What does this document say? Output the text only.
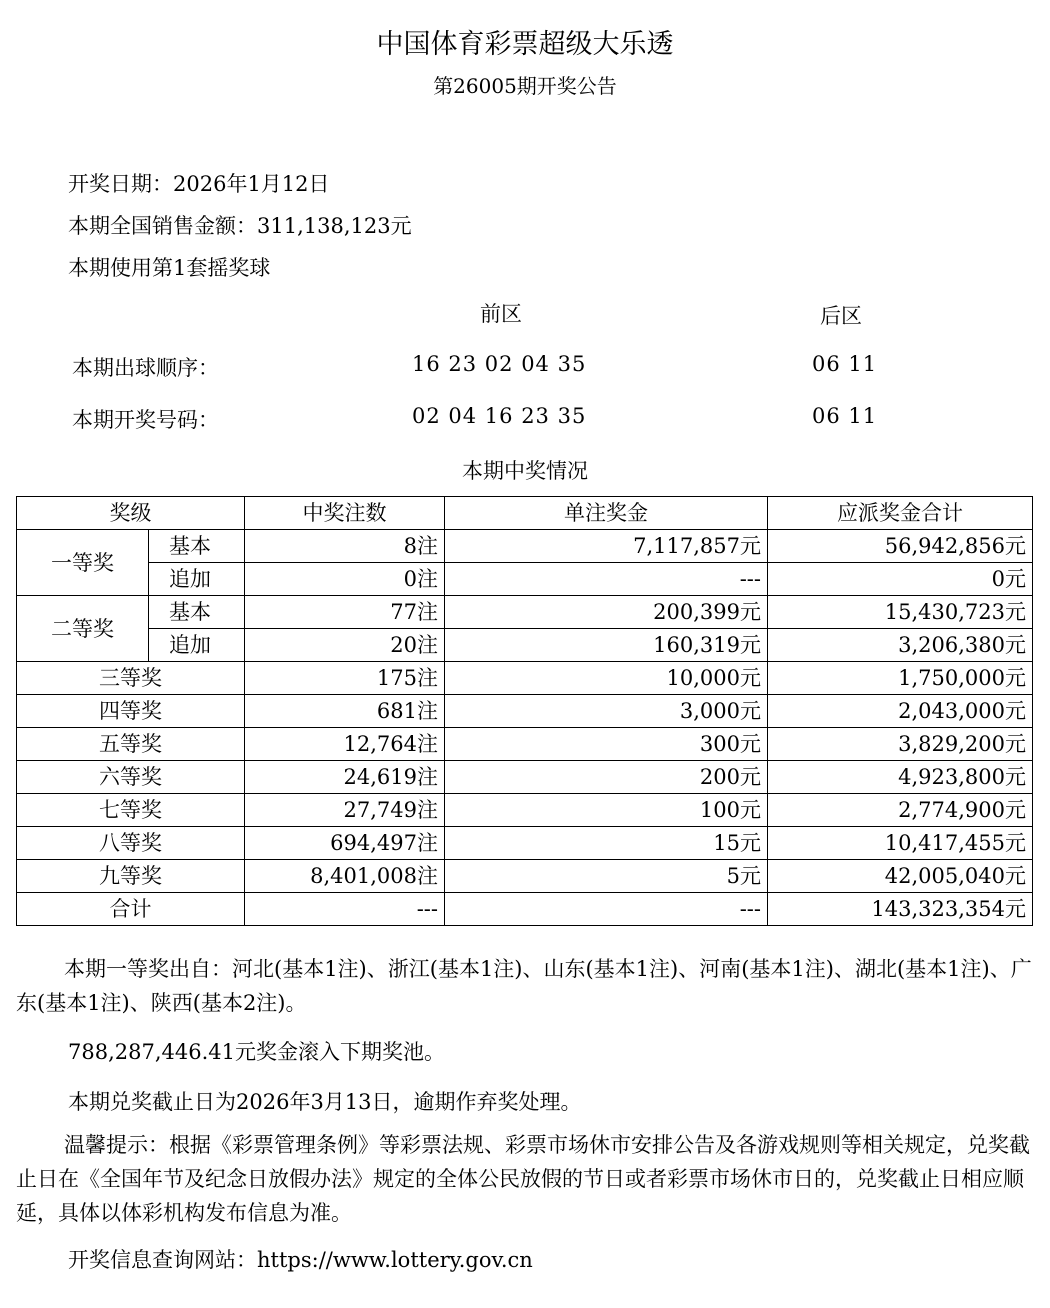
中国体育彩票超级大乐透
第26005期开奖公告
开奖日期：2026年1月12日
本期全国销售金额：311,138,123元
本期使用第1套摇奖球
前区	后区
本期出球顺序：	16 23 02 04 35	06 11
本期开奖号码：	02 04 16 23 35	06 11
本期中奖情况
奖级		中奖注数	单注奖金	应派奖金合计
一等奖	基本	8注	7,117,857元	56,942,856元
	追加	0注	---	0元
二等奖	基本	77注	200,399元	15,430,723元
	追加	20注	160,319元	3,206,380元
三等奖		175注	10,000元	1,750,000元
四等奖		681注	3,000元	2,043,000元
五等奖		12,764注	300元	3,829,200元
六等奖		24,619注	200元	4,923,800元
七等奖		27,749注	100元	2,774,900元
八等奖		694,497注	15元	10,417,455元
九等奖		8,401,008注	5元	42,005,040元
合计		---	---	143,323,354元
本期一等奖出自：河北(基本1注)、浙江(基本1注)、山东(基本1注)、河南(基本1注)、湖北(基本1注)、广东(基本1注)、陕西(基本2注)。
788,287,446.41元奖金滚入下期奖池。
本期兑奖截止日为2026年3月13日，逾期作弃奖处理。
温馨提示：根据《彩票管理条例》等彩票法规、彩票市场休市安排公告及各游戏规则等相关规定，兑奖截止日在《全国年节及纪念日放假办法》规定的全体公民放假的节日或者彩票市场休市日的，兑奖截止日相应顺延，具体以体彩机构发布信息为准。
开奖信息查询网站：https://www.lottery.gov.cn
